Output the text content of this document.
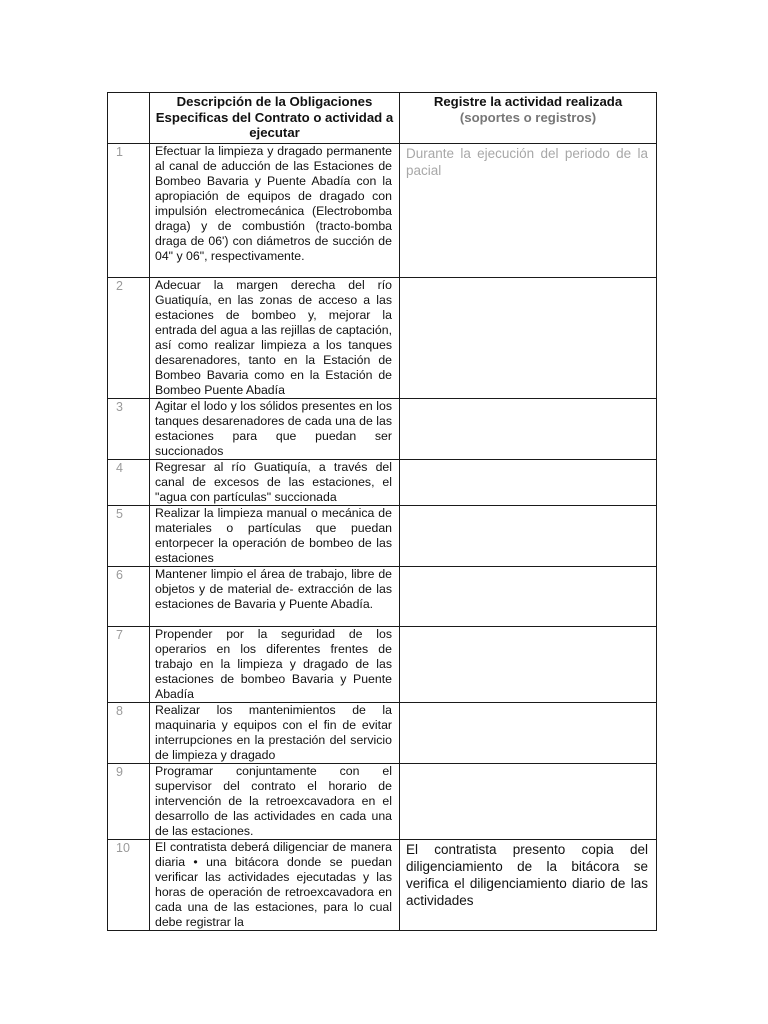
	Descripción de la Obligaciones Especificas del Contrato o actividad a ejecutar	Registre la actividad realizada
(soportes o registros)

1	Efectuar la limpieza y dragado permanente al canal de aducción de las Estaciones de Bombeo Bavaria y Puente Abadía con la apropiación de equipos de dragado con impulsión electromecánica (Electrobomba draga) y de combustión (tracto-bomba draga de 06') con diámetros de succión de 04" y 06", respectivamente.	Durante la ejecución del periodo de la pacial
2	Adecuar la margen derecha del río Guatiquía, en las zonas de acceso a las estaciones de bombeo y, mejorar la entrada del agua a las rejillas de captación, así como realizar limpieza a los tanques desarenadores, tanto en la Estación de Bombeo Bavaria como en la Estación de Bombeo Puente Abadía	
3	Agitar el lodo y los sólidos presentes en los tanques desarenadores de cada una de las estaciones para que puedan ser succionados	
4	Regresar al río Guatiquía, a través del canal de excesos de las estaciones, el "agua con partículas" succionada	
5	Realizar la limpieza manual o mecánica de materiales o partículas que puedan entorpecer la operación de bombeo de las estaciones	
6	Mantener limpio el área de trabajo, libre de objetos y de material de- extracción de las estaciones de Bavaria y Puente Abadía.	
7	Propender por la seguridad de los operarios en los diferentes frentes de trabajo en la limpieza y dragado de las estaciones de bombeo Bavaria y Puente Abadía	
8	Realizar los mantenimientos de la maquinaria y equipos con el fin de evitar interrupciones en la prestación del servicio de limpieza y dragado	
9	Programar conjuntamente con el supervisor del contrato el horario de intervención de la retroexcavadora en el desarrollo de las actividades en cada una de las estaciones.	
10	El contratista deberá diligenciar de manera diaria • una bitácora donde se puedan verificar las actividades ejecutadas y las horas de operación de retroexcavadora en cada una de las estaciones, para lo cual debe registrar la	El contratista presento copia del diligenciamiento de la bitácora se verifica el diligenciamiento diario de las actividades
